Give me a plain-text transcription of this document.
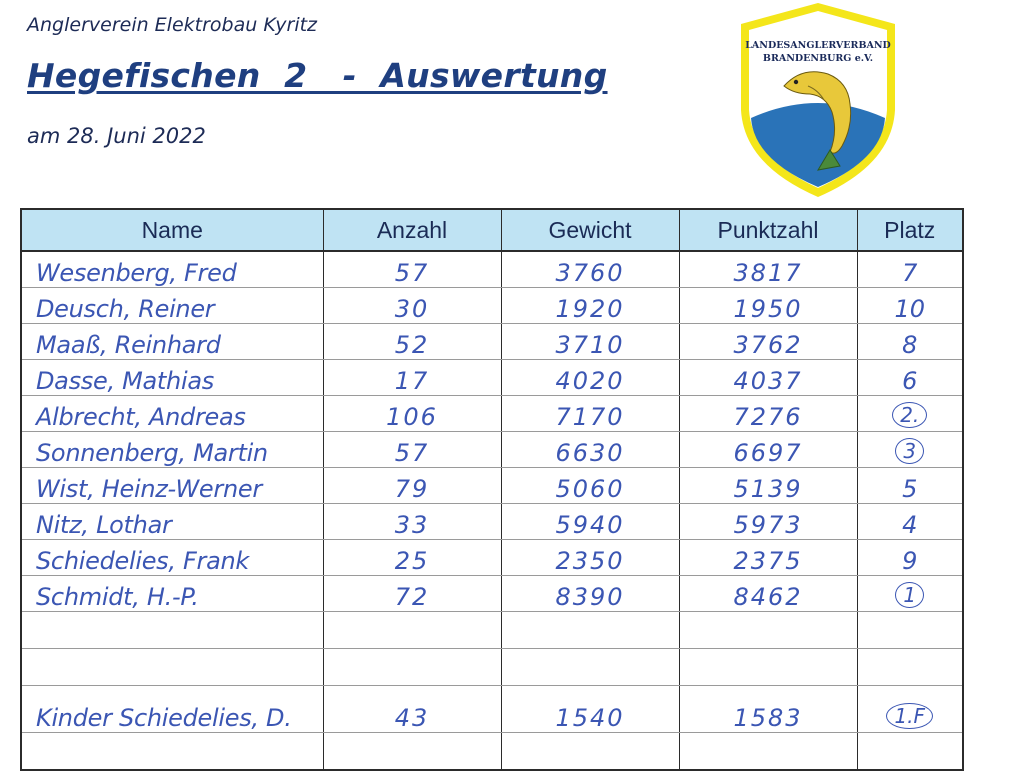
Anglerverein Elektrobau Kyritz
Hegefischen  2   -  Auswertung
am 28. Juni 2022
LANDESANGLERVERBAND
BRANDENBURG e.V.
Name	Anzahl	Gewicht	Punktzahl	Platz
Wesenberg, Fred	57	3760	3817	7
Deusch, Reiner	30	1920	1950	10
Maaß, Reinhard	52	3710	3762	8
Dasse, Mathias	17	4020	4037	6
Albrecht, Andreas	106	7170	7276	2.
Sonnenberg, Martin	57	6630	6697	3
Wist, Heinz-Werner	79	5060	5139	5
Nitz, Lothar	33	5940	5973	4
Schiedelies, Frank	25	2350	2375	9
Schmidt, H.-P.	72	8390	8462	1

Kinder Schiedelies, D.	43	1540	1583	1.F
